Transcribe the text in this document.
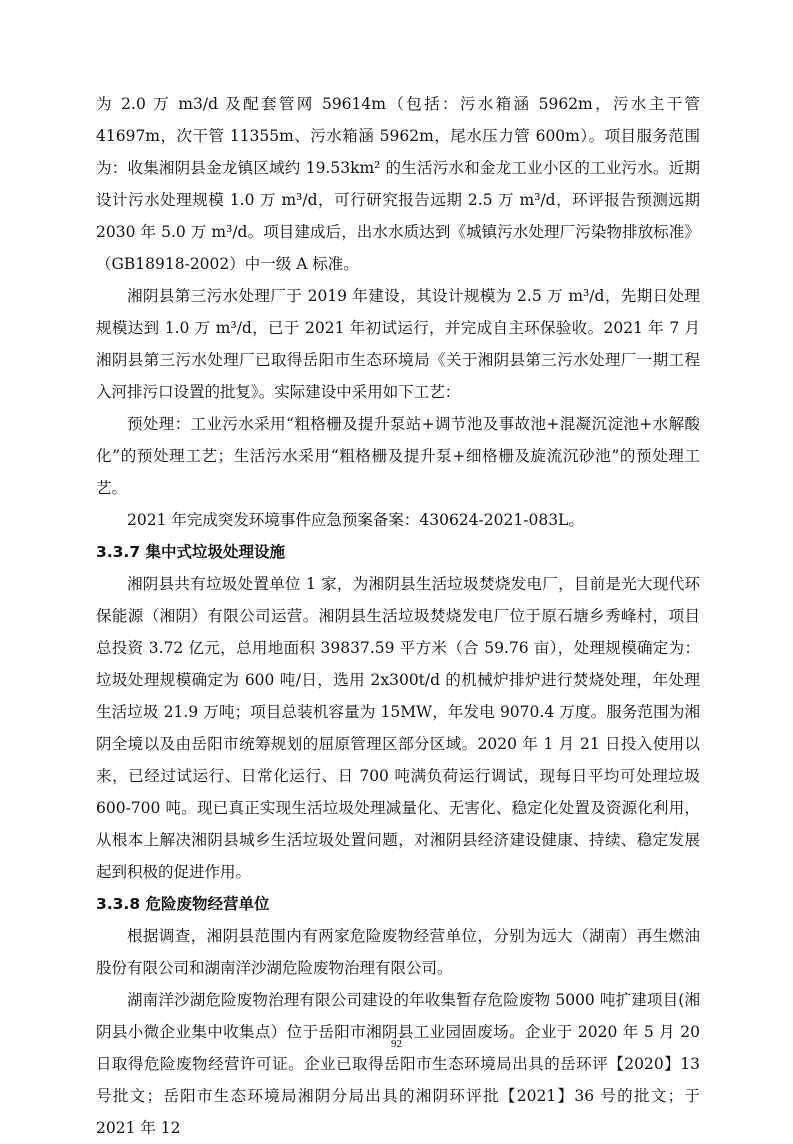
为 2.0 万 m3/d 及配套管网 59614m（包括：污水箱涵 5962m，污水主干管 41697m，次干管 11355m、污水箱涵 5962m，尾水压力管 600m）。项目服务范围为：收集湘阴县金龙镇区域约 19.53km² 的生活污水和金龙工业小区的工业污水。近期设计污水处理规模 1.0 万 m³/d，可行研究报告远期 2.5 万 m³/d，环评报告预测远期 2030 年 5.0 万 m³/d。项目建成后，出水水质达到《城镇污水处理厂污染物排放标准》（GB18918-2002）中一级 A 标准。

湘阴县第三污水处理厂于 2019 年建设，其设计规模为 2.5 万 m³/d，先期日处理规模达到 1.0 万 m³/d，已于 2021 年初试运行，并完成自主环保验收。2021 年 7 月湘阴县第三污水处理厂已取得岳阳市生态环境局《关于湘阴县第三污水处理厂一期工程入河排污口设置的批复》。实际建设中采用如下工艺：

预处理：工业污水采用“粗格栅及提升泵站+调节池及事故池+混凝沉淀池+水解酸化”的预处理工艺；生活污水采用“粗格栅及提升泵+细格栅及旋流沉砂池”的预处理工艺。

2021 年完成突发环境事件应急预案备案：430624-2021-083L。

3.3.7 集中式垃圾处理设施

湘阴县共有垃圾处置单位 1 家，为湘阴县生活垃圾焚烧发电厂，目前是光大现代环保能源（湘阴）有限公司运营。湘阴县生活垃圾焚烧发电厂位于原石塘乡秀峰村，项目总投资 3.72 亿元，总用地面积 39837.59 平方米（合 59.76 亩），处理规模确定为：垃圾处理规模确定为 600 吨/日，选用 2x300t/d 的机械炉排炉进行焚烧处理，年处理生活垃圾 21.9 万吨；项目总装机容量为 15MW，年发电 9070.4 万度。服务范围为湘阴全境以及由岳阳市统筹规划的屈原管理区部分区域。2020 年 1 月 21 日投入使用以来，已经过试运行、日常化运行、日 700 吨满负荷运行调试，现每日平均可处理垃圾 600-700 吨。现已真正实现生活垃圾处理减量化、无害化、稳定化处置及资源化利用，从根本上解决湘阴县城乡生活垃圾处置问题，对湘阴县经济建设健康、持续、稳定发展起到积极的促进作用。

3.3.8 危险废物经营单位

根据调查，湘阴县范围内有两家危险废物经营单位，分别为远大（湖南）再生燃油股份有限公司和湖南洋沙湖危险废物治理有限公司。

湖南洋沙湖危险废物治理有限公司建设的年收集暂存危险废物 5000 吨扩建项目(湘阴县小微企业集中收集点）位于岳阳市湘阴县工业园固废场。企业于 2020 年 5 月 20 日取得危险废物经营许可证。企业已取得岳阳市生态环境局出具的岳环评【2020】13 号批文；岳阳市生态环境局湘阴分局出具的湘阴环评批【2021】36 号的批文；于 2021 年 12

92
